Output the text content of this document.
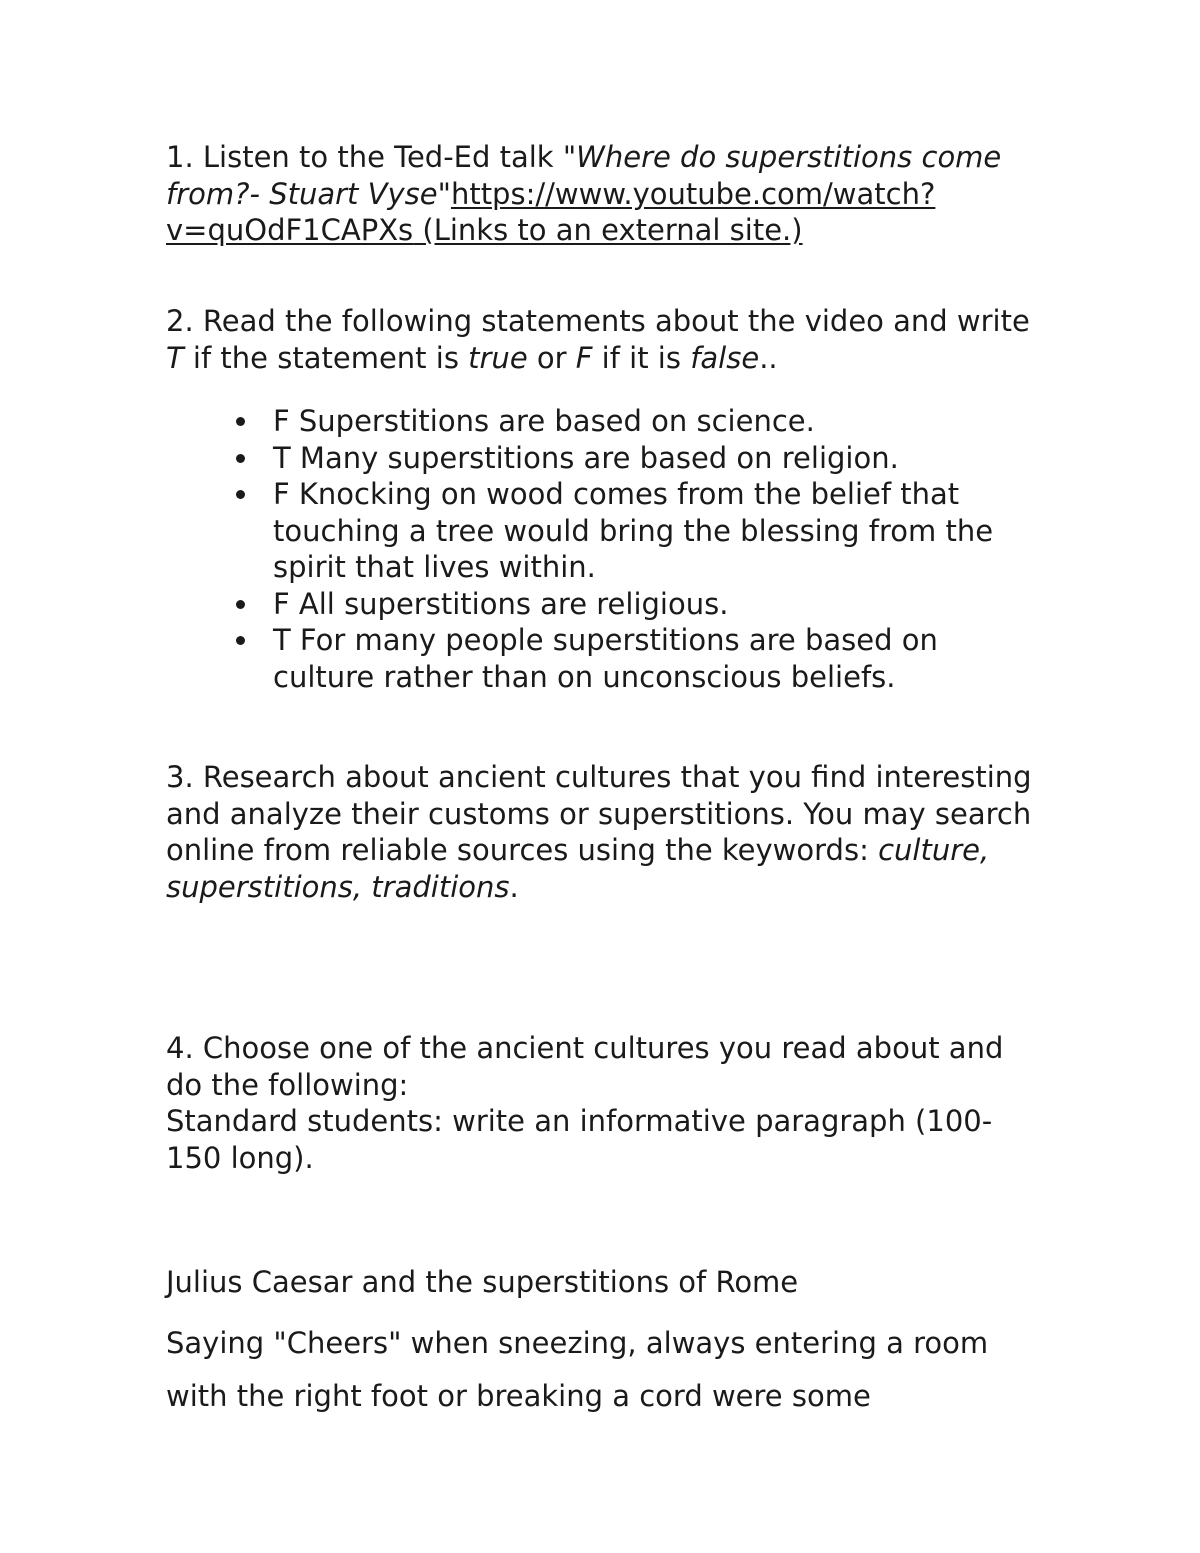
1. Listen to the Ted-Ed talk "Where do superstitions come from?- Stuart Vyse"https://www.youtube.com/watch?v=quOdF1CAPXs (Links to an external site.)

2. Read the following statements about the video and write T if the statement is true or F if it is false..

F Superstitions are based on science.
T Many superstitions are based on religion.
F Knocking on wood comes from the belief that touching a tree would bring the blessing from the spirit that lives within.
F All superstitions are religious.
T For many people superstitions are based on culture rather than on unconscious beliefs.

3. Research about ancient cultures that you find interesting and analyze their customs or superstitions. You may search online from reliable sources using the keywords: culture, superstitions, traditions.

4. Choose one of the ancient cultures you read about and do the following:
Standard students: write an informative paragraph (100-150 long).

Julius Caesar and the superstitions of Rome

Saying "Cheers" when sneezing, always entering a room with the right foot or breaking a cord were some
